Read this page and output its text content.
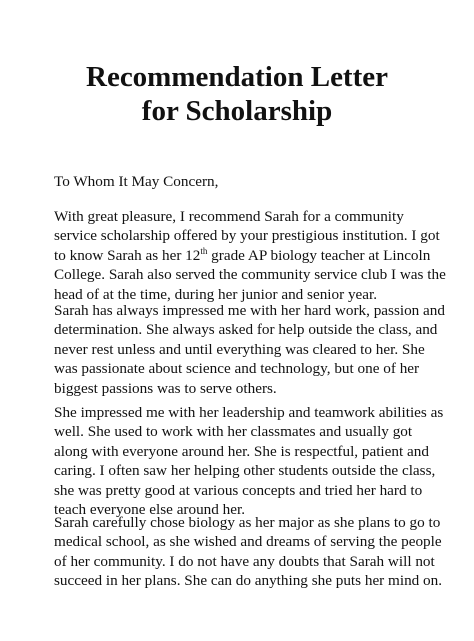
Recommendation Letter
for Scholarship
To Whom It May Concern,
With great pleasure, I recommend Sarah for a community
service scholarship offered by your prestigious institution. I got
to know Sarah as her 12th grade AP biology teacher at Lincoln
College. Sarah also served the community service club I was the
head of at the time, during her junior and senior year.
Sarah has always impressed me with her hard work, passion and
determination. She always asked for help outside the class, and
never rest unless and until everything was cleared to her. She
was passionate about science and technology, but one of her
biggest passions was to serve others.
She impressed me with her leadership and teamwork abilities as
well. She used to work with her classmates and usually got
along with everyone around her. She is respectful, patient and
caring. I often saw her helping other students outside the class,
she was pretty good at various concepts and tried her hard to
teach everyone else around her.
Sarah carefully chose biology as her major as she plans to go to
medical school, as she wished and dreams of serving the people
of her community. I do not have any doubts that Sarah will not
succeed in her plans. She can do anything she puts her mind on.
